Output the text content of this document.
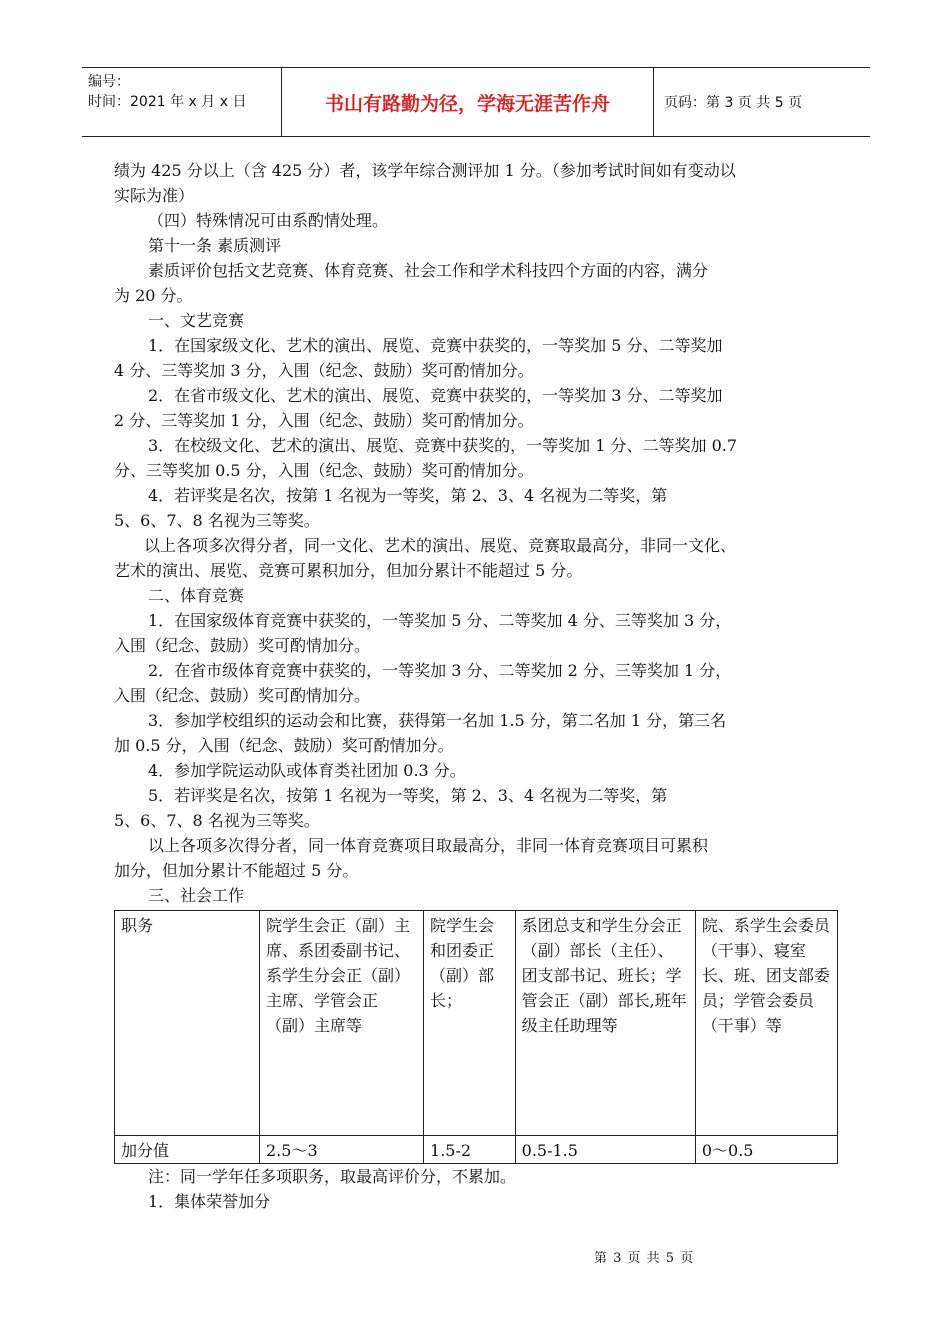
编号：
时间：2021 年 x 月 x 日	书山有路勤为径，学海无涯苦作舟	页码：第 3 页 共 5 页

绩为 425 分以上（含 425 分）者，该学年综合测评加 1 分。（参加考试时间如有变动以

实际为准）

（四）特殊情况可由系酌情处理。

第十一条 素质测评

素质评价包括文艺竞赛、体育竞赛、社会工作和学术科技四个方面的内容，满分

为 20 分。

一、文艺竞赛

1．在国家级文化、艺术的演出、展览、竞赛中获奖的，一等奖加 5 分、二等奖加

4 分、三等奖加 3 分，入围（纪念、鼓励）奖可酌情加分。

2．在省市级文化、艺术的演出、展览、竞赛中获奖的，一等奖加 3 分、二等奖加

2 分、三等奖加 1 分，入围（纪念、鼓励）奖可酌情加分。

3．在校级文化、艺术的演出、展览、竞赛中获奖的，一等奖加 1 分、二等奖加 0.7

分、三等奖加 0.5 分，入围（纪念、鼓励）奖可酌情加分。

4．若评奖是名次，按第 1 名视为一等奖，第 2、3、4 名视为二等奖，第

5、6、7、8 名视为三等奖。

以上各项多次得分者，同一文化、艺术的演出、展览、竞赛取最高分，非同一文化、

艺术的演出、展览、竞赛可累积加分，但加分累计不能超过 5 分。

二、体育竞赛

1．在国家级体育竞赛中获奖的，一等奖加 5 分、二等奖加 4 分、三等奖加 3 分，

入围（纪念、鼓励）奖可酌情加分。

2．在省市级体育竞赛中获奖的，一等奖加 3 分、二等奖加 2 分、三等奖加 1 分，

入围（纪念、鼓励）奖可酌情加分。

3．参加学校组织的运动会和比赛，获得第一名加 1.5 分，第二名加 1 分，第三名

加 0.5 分，入围（纪念、鼓励）奖可酌情加分。

4．参加学院运动队或体育类社团加 0.3 分。

5．若评奖是名次，按第 1 名视为一等奖，第 2、3、4 名视为二等奖，第

5、6、7、8 名视为三等奖。

以上各项多次得分者，同一体育竞赛项目取最高分，非同一体育竞赛项目可累积

加分，但加分累计不能超过 5 分。

三、社会工作

职务	院学生会正（副）主席、系团委副书记、系学生分会正（副）主席、学管会正（副）主席等	院学生会和团委正（副）部长；	系团总支和学生分会正（副）部长（主任）、团支部书记、班长；学管会正（副）部长,班年级主任助理等	院、系学生会委员（干事）、寝室长、班、团支部委员；学管会委员（干事）等
加分值	2.5～3	1.5-2	0.5-1.5	0～0.5

注：同一学年任多项职务，取最高评价分，不累加。

1．集体荣誉加分

第 3 页 共 5 页
